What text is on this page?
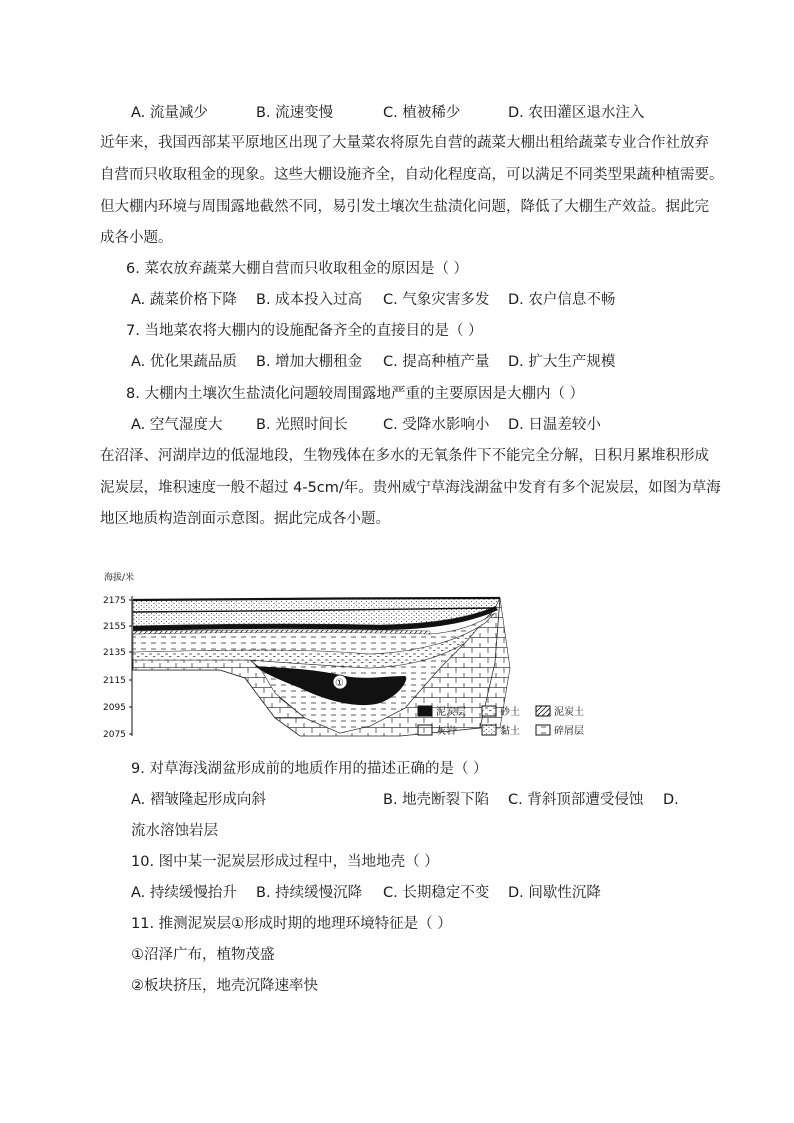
A. 流量减少	B. 流速变慢	C. 植被稀少	D. 农田灌区退水注入
近年来，我国西部某平原地区出现了大量菜农将原先自营的蔬菜大棚出租给蔬菜专业合作社放弃
自营而只收取租金的现象。这些大棚设施齐全，自动化程度高，可以满足不同类型果蔬种植需要。
但大棚内环境与周围露地截然不同，易引发土壤次生盐渍化问题，降低了大棚生产效益。据此完
成各小题。
6. 菜农放弃蔬菜大棚自营而只收取租金的原因是（ ）
A. 蔬菜价格下降 B. 成本投入过高 C. 气象灾害多发 D. 农户信息不畅
7. 当地菜农将大棚内的设施配备齐全的直接目的是（ ）
A. 优化果蔬品质 B. 增加大棚租金 C. 提高种植产量 D. 扩大生产规模
8. 大棚内土壤次生盐渍化问题较周围露地严重的主要原因是大棚内（ ）
A. 空气湿度大 B. 光照时间长 C. 受降水影响小 D. 日温差较小
在沼泽、河湖岸边的低湿地段，生物残体在多水的无氧条件下不能完全分解，日积月累堆积形成
泥炭层，堆积速度一般不超过 4-5cm/年。贵州威宁草海浅湖盆中发育有多个泥炭层，如图为草海
地区地质构造剖面示意图。据此完成各小题。
海拔/米
2175
2155
2135
2115
2095
2075
①
泥炭层	砂土	泥炭土
灰岩	黏土	碎屑层
9. 对草海浅湖盆形成前的地质作用的描述正确的是（ ）
A. 褶皱隆起形成向斜	B. 地壳断裂下陷 C. 背斜顶部遭受侵蚀 D.
流水溶蚀岩层
10. 图中某一泥炭层形成过程中，当地地壳（ ）
A. 持续缓慢抬升 B. 持续缓慢沉降 C. 长期稳定不变 D. 间歇性沉降
11. 推测泥炭层①形成时期的地理环境特征是（ ）
①沼泽广布，植物茂盛
②板块挤压，地壳沉降速率快
